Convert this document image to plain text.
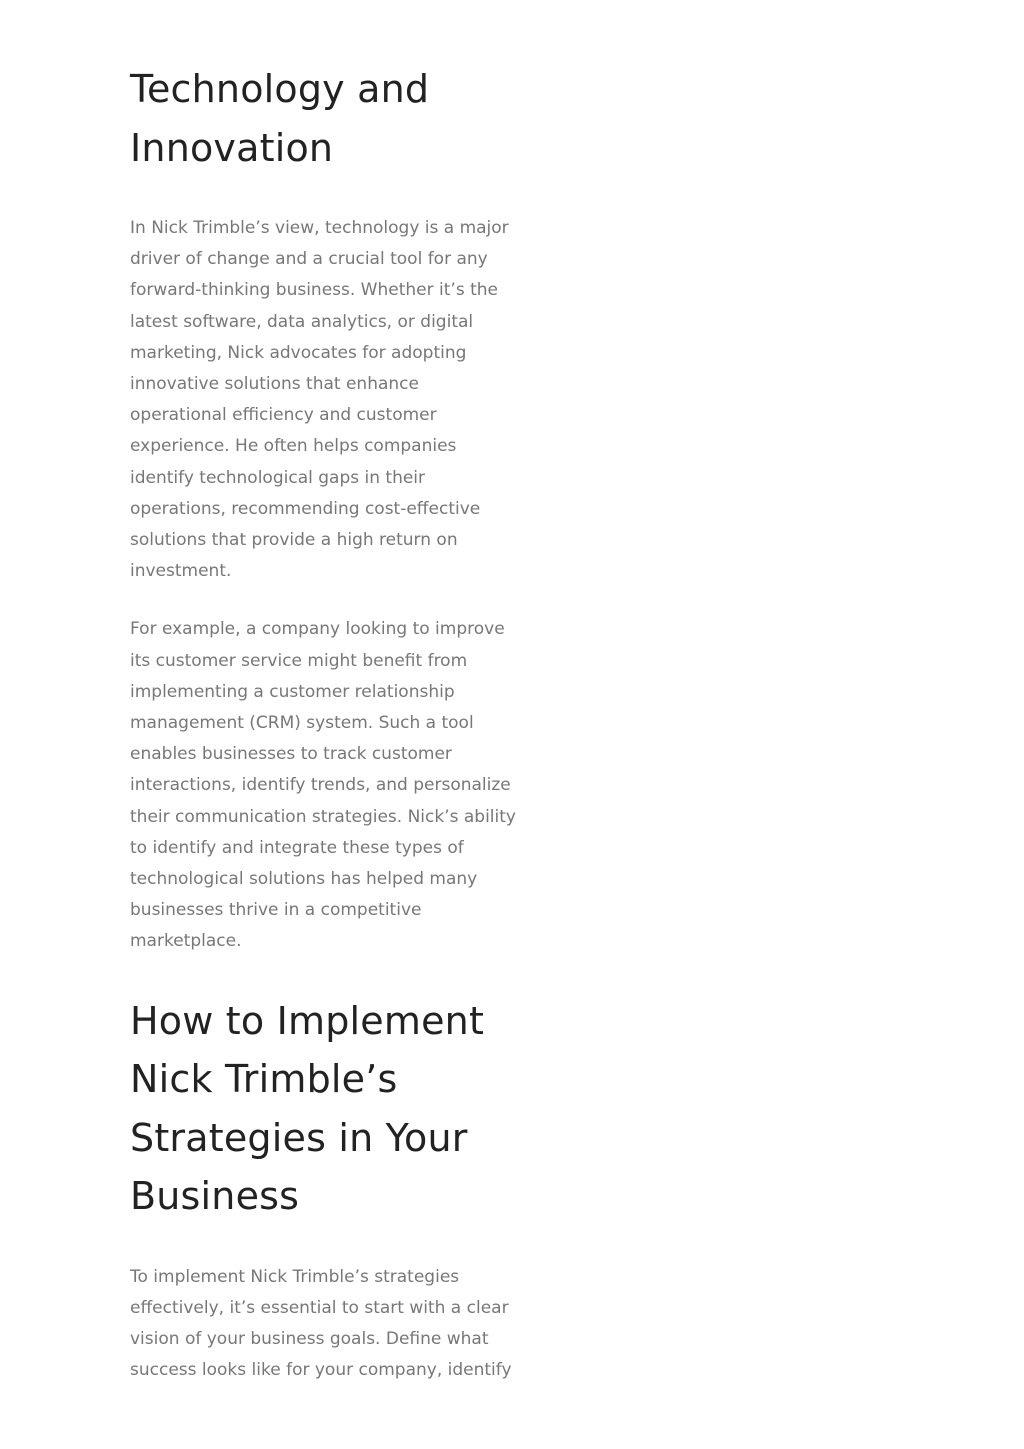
Technology and
Innovation

In Nick Trimble’s view, technology is a major
driver of change and a crucial tool for any
forward-thinking business. Whether it’s the
latest software, data analytics, or digital
marketing, Nick advocates for adopting
innovative solutions that enhance
operational efficiency and customer
experience. He often helps companies
identify technological gaps in their
operations, recommending cost-effective
solutions that provide a high return on
investment.

For example, a company looking to improve
its customer service might benefit from
implementing a customer relationship
management (CRM) system. Such a tool
enables businesses to track customer
interactions, identify trends, and personalize
their communication strategies. Nick’s ability
to identify and integrate these types of
technological solutions has helped many
businesses thrive in a competitive
marketplace.

How to Implement
Nick Trimble’s
Strategies in Your
Business

To implement Nick Trimble’s strategies
effectively, it’s essential to start with a clear
vision of your business goals. Define what
success looks like for your company, identify
